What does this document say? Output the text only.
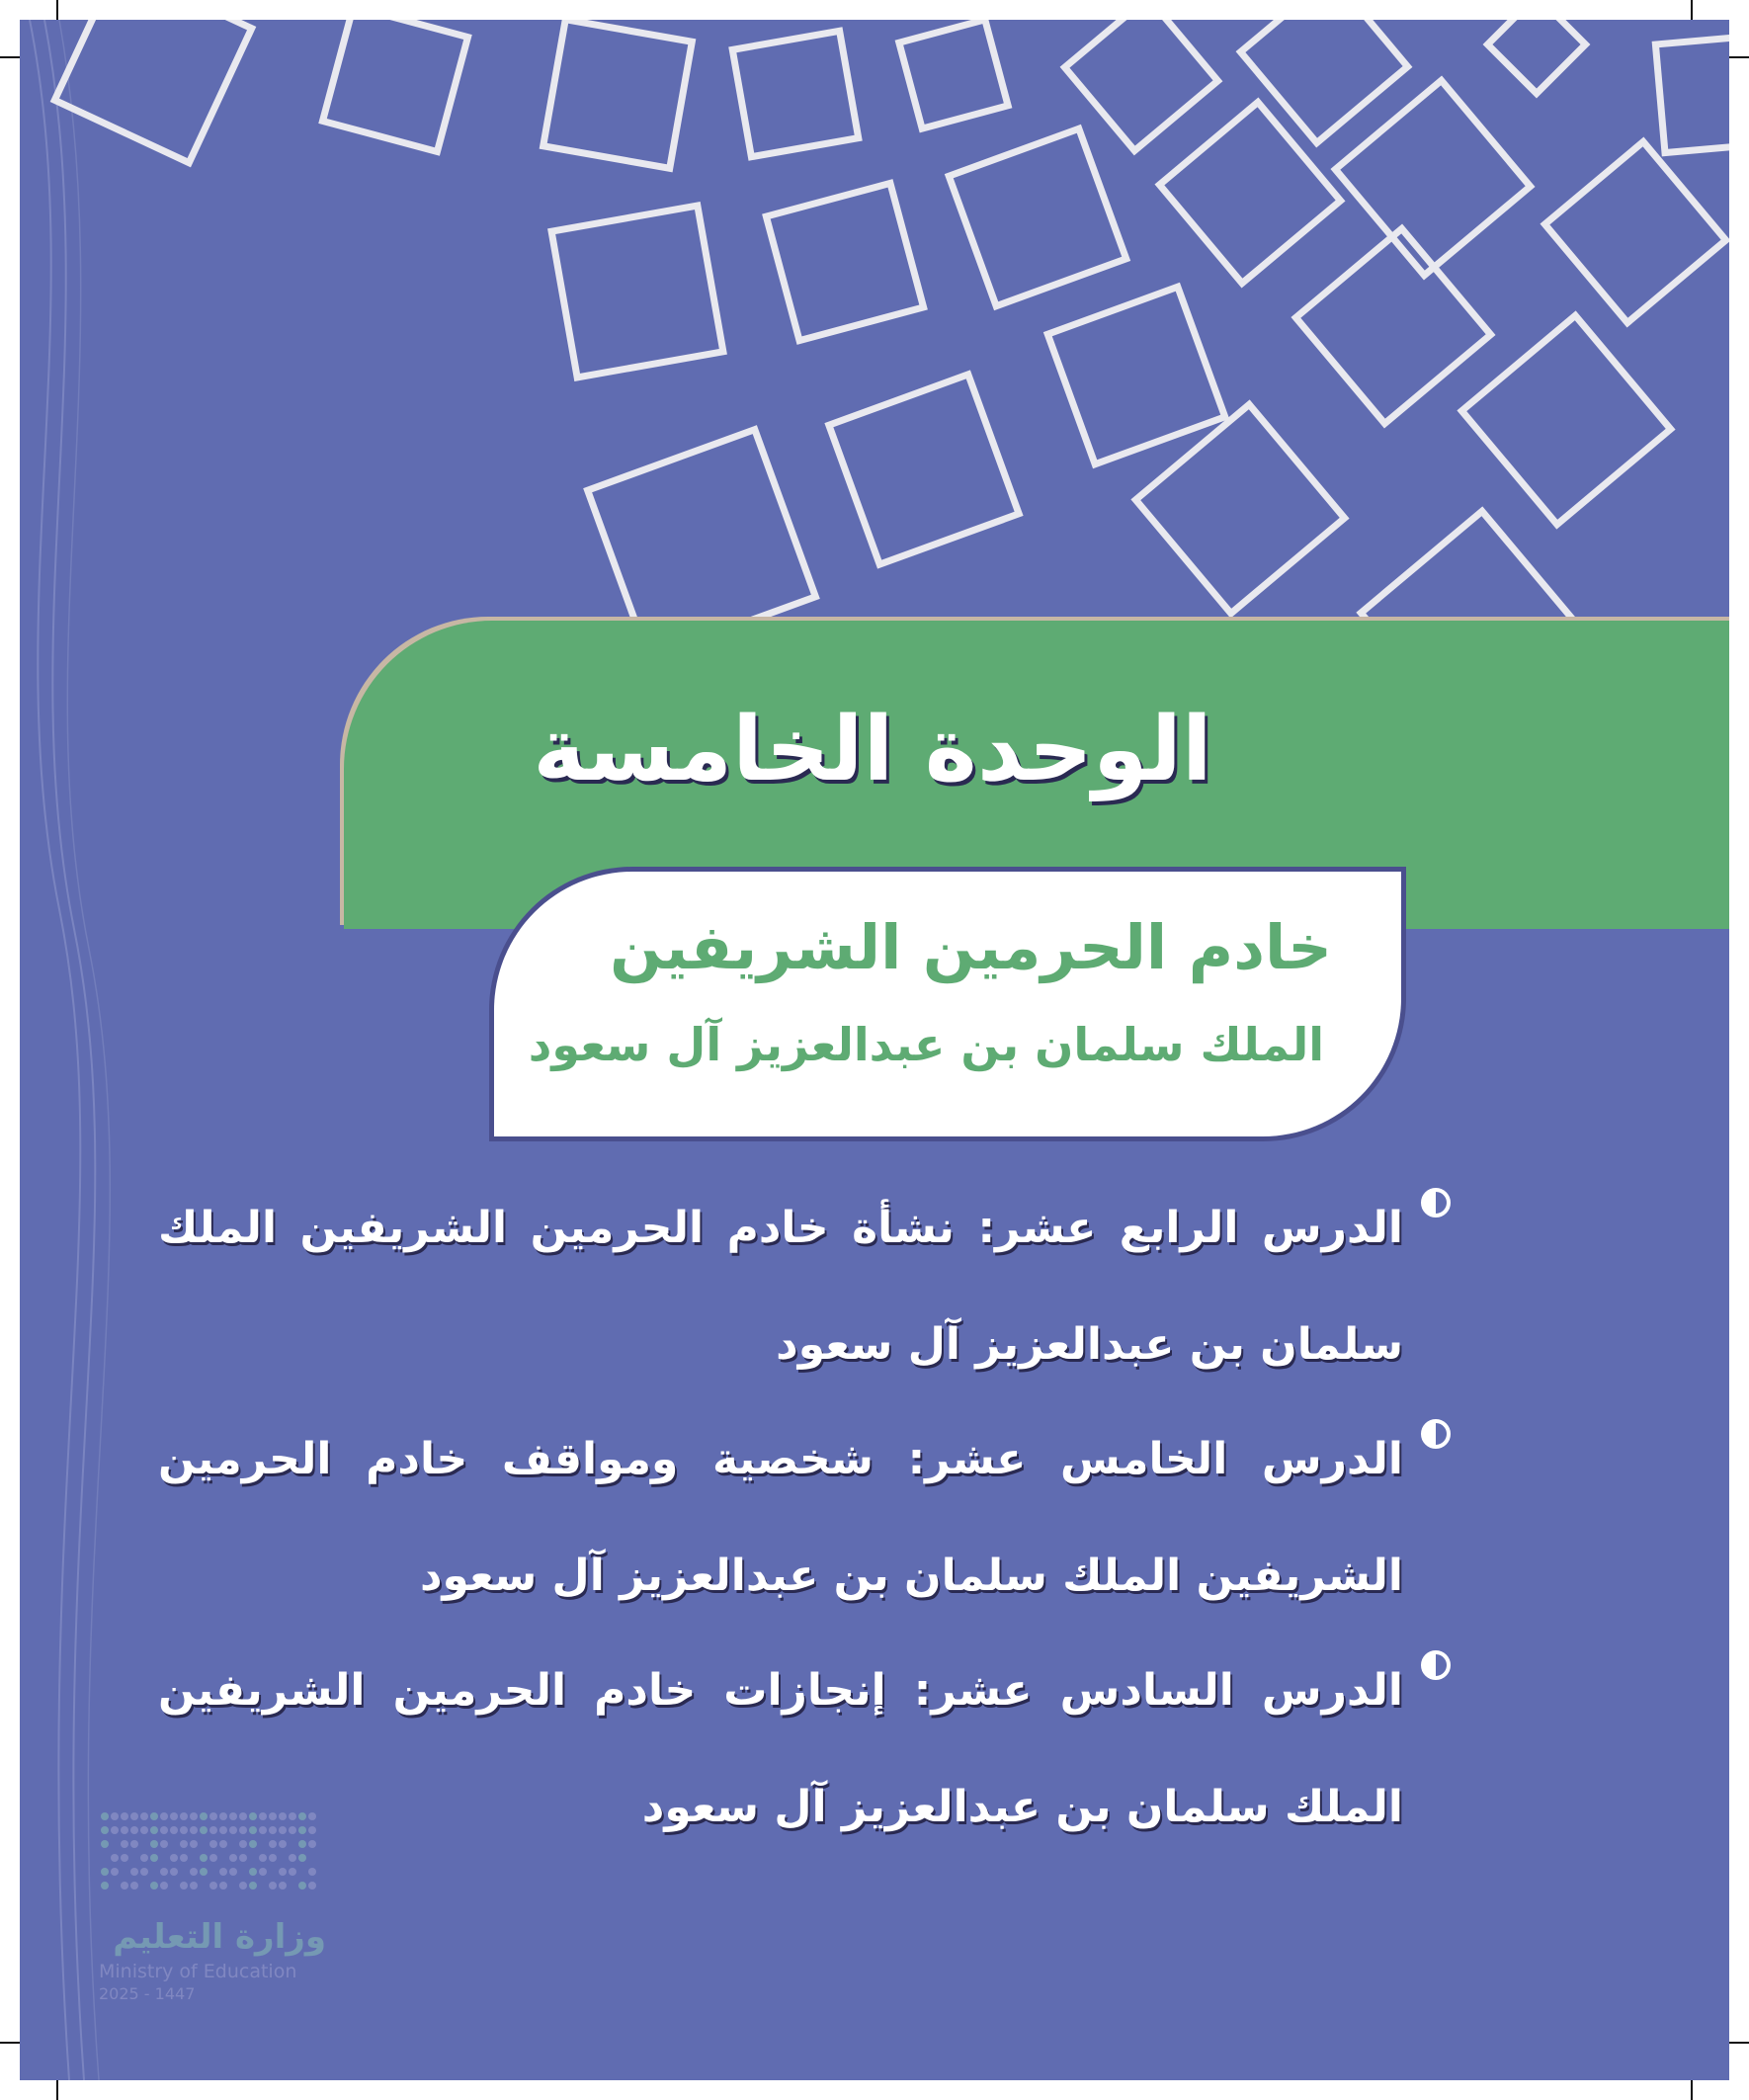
الوحدة الخامسة
خادم الحرمين الشريفين
الملك سلمان بن عبدالعزيز آل سعود
الدرس الرابع عشر: نشأة خادم الحرمين الشريفين الملك سلمان بن عبدالعزيز آل سعود
الدرس الخامس عشر: شخصية ومواقف خادم الحرمين الشريفين الملك سلمان بن عبدالعزيز آل سعود
الدرس السادس عشر: إنجازات خادم الحرمين الشريفين الملك سلمان بن عبدالعزيز آل سعود
وزارة التعليم
Ministry of Education
2025 - 1447
